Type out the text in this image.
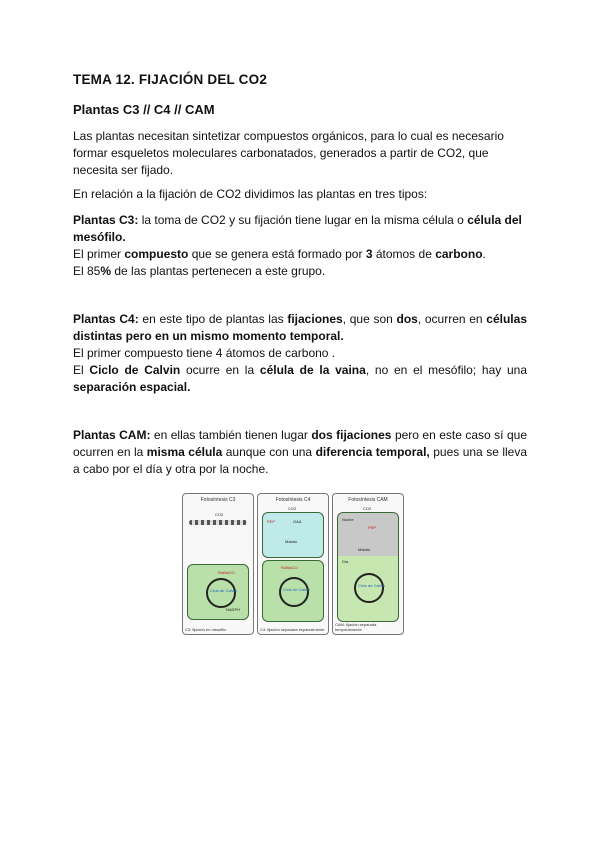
TEMA 12. FIJACIÓN DEL CO2
Plantas C3 // C4 // CAM
Las plantas necesitan sintetizar compuestos orgánicos, para lo cual es necesario formar esqueletos moleculares carbonatados, generados a partir de CO2, que necesita ser fijado.
En relación a la fijación de CO2 dividimos las plantas en tres tipos:
Plantas C3: la toma de CO2 y su fijación tiene lugar en la misma célula o célula del mesófilo.
El primer compuesto que se genera está formado por 3 átomos de carbono.
El 85% de las plantas pertenecen a este grupo.
Plantas C4: en este tipo de plantas las fijaciones, que son dos, ocurren en células distintas pero en un mismo momento temporal.
El primer compuesto tiene 4 átomos de carbono .
El Ciclo de Calvin ocurre en la célula de la vaina, no en el mesófilo; hay una separación espacial.
Plantas CAM: en ellas también tienen lugar dos fijaciones pero en este caso sí que ocurren en la misma célula aunque con una diferencia temporal, pues una se lleva a cabo por el día y otra por la noche.
Fotosíntesis C3
CO2
Ciclo de Calvin
RuBisCO
NADPH
C3: fijación en mesófilo
Fotosíntesis C4
CO2
PEP	OAA
Malato
Ciclo de Calvin
RuBisCO
C4: fijación separada espacialmente
Fotosíntesis CAM
CO2
Noche
PEP
Malato
Día
Ciclo de Calvin
CAM: fijación separada temporalmente
